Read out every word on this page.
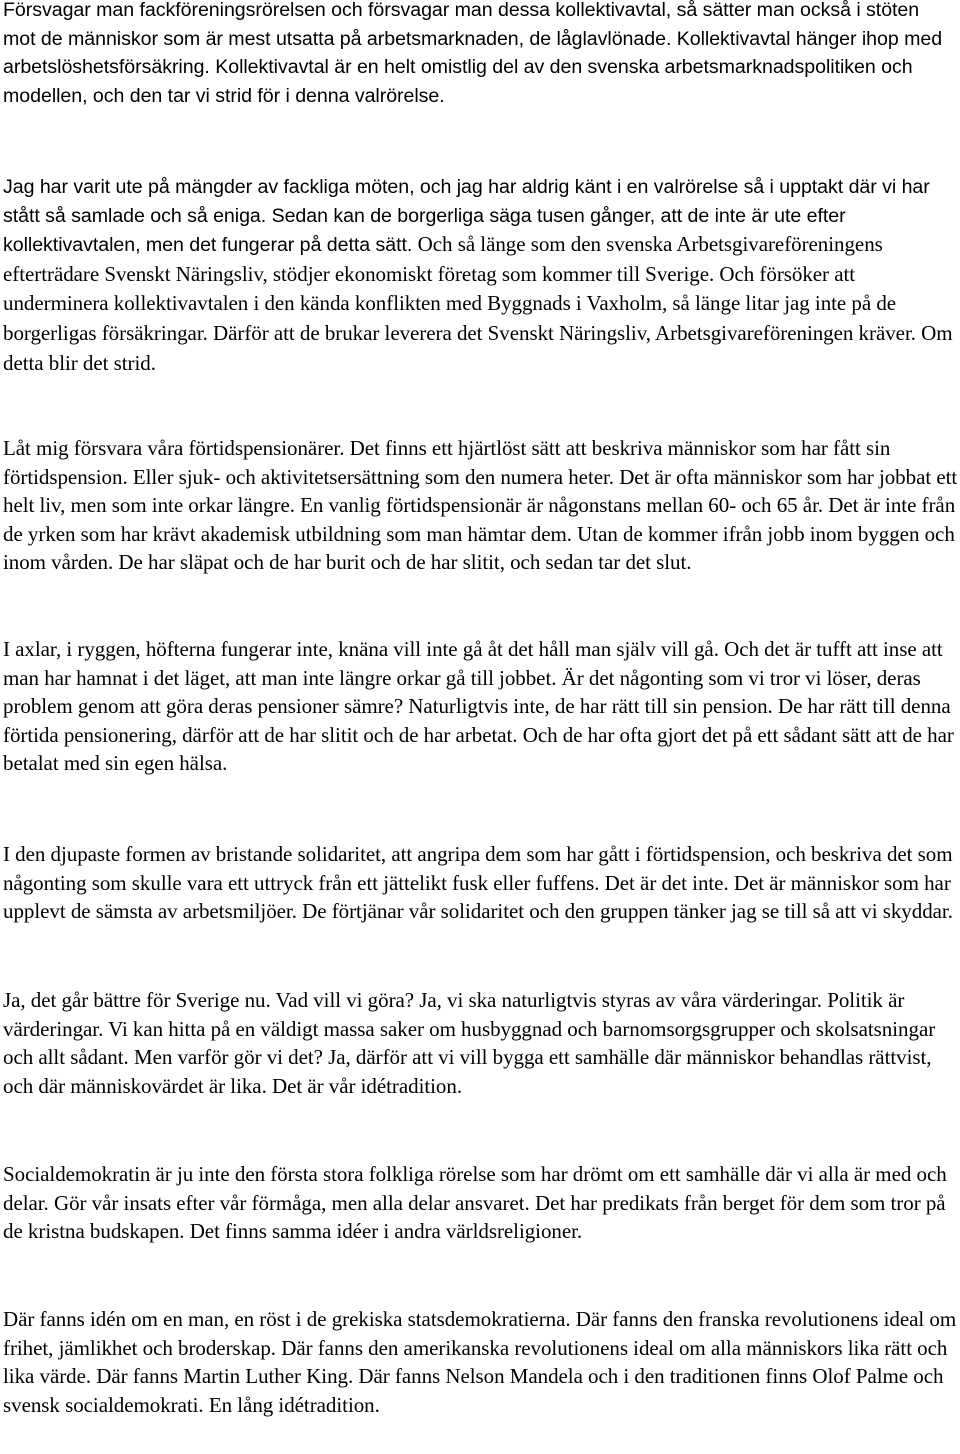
Försvagar man fackföreningsrörelsen och försvagar man dessa kollektivavtal, så sätter man också i stöten mot de människor som är mest utsatta på arbetsmarknaden, de låglavlönade. Kollektivavtal hänger ihop med arbetslöshetsförsäkring. Kollektivavtal är en helt omistlig del av den svenska arbetsmarknadspolitiken och modellen, och den tar vi strid för i denna valrörelse.

Jag har varit ute på mängder av fackliga möten, och jag har aldrig känt i en valrörelse så i upptakt där vi har stått så samlade och så eniga. Sedan kan de borgerliga säga tusen gånger, att de inte är ute efter kollektivavtalen, men det fungerar på detta sätt. Och så länge som den svenska Arbetsgivareföreningens efterträdare Svenskt Näringsliv, stödjer ekonomiskt företag som kommer till Sverige. Och försöker att underminera kollektivavtalen i den kända konflikten med Byggnads i Vaxholm, så länge litar jag inte på de borgerligas försäkringar. Därför att de brukar leverera det Svenskt Näringsliv, Arbetsgivareföreningen kräver. Om detta blir det strid.

Låt mig försvara våra förtidspensionärer. Det finns ett hjärtlöst sätt att beskriva människor som har fått sin förtidspension. Eller sjuk- och aktivitetsersättning som den numera heter. Det är ofta människor som har jobbat ett helt liv, men som inte orkar längre. En vanlig förtidspensionär är någonstans mellan 60- och 65 år. Det är inte från de yrken som har krävt akademisk utbildning som man hämtar dem. Utan de kommer ifrån jobb inom byggen och inom vården. De har släpat och de har burit och de har slitit, och sedan tar det slut.

I axlar, i ryggen, höfterna fungerar inte, knäna vill inte gå åt det håll man själv vill gå. Och det är tufft att inse att man har hamnat i det läget, att man inte längre orkar gå till jobbet. Är det någonting som vi tror vi löser, deras problem genom att göra deras pensioner sämre? Naturligtvis inte, de har rätt till sin pension. De har rätt till denna förtida pensionering, därför att de har slitit och de har arbetat. Och de har ofta gjort det på ett sådant sätt att de har betalat med sin egen hälsa.

I den djupaste formen av bristande solidaritet, att angripa dem som har gått i förtidspension, och beskriva det som någonting som skulle vara ett uttryck från ett jättelikt fusk eller fuffens. Det är det inte. Det är människor som har upplevt de sämsta av arbetsmiljöer. De förtjänar vår solidaritet och den gruppen tänker jag se till så att vi skyddar.

Ja, det går bättre för Sverige nu. Vad vill vi göra? Ja, vi ska naturligtvis styras av våra värderingar. Politik är värderingar. Vi kan hitta på en väldigt massa saker om husbyggnad och barnomsorgsgrupper och skolsatsningar och allt sådant. Men varför gör vi det? Ja, därför att vi vill bygga ett samhälle där människor behandlas rättvist, och där människovärdet är lika. Det är vår idétradition.

Socialdemokratin är ju inte den första stora folkliga rörelse som har drömt om ett samhälle där vi alla är med och delar. Gör vår insats efter vår förmåga, men alla delar ansvaret. Det har predikats från berget för dem som tror på de kristna budskapen. Det finns samma idéer i andra världsreligioner.

Där fanns idén om en man, en röst i de grekiska statsdemokratierna. Där fanns den franska revolutionens ideal om frihet, jämlikhet och broderskap. Där fanns den amerikanska revolutionens ideal om alla människors lika rätt och lika värde. Där fanns Martin Luther King. Där fanns Nelson Mandela och i den traditionen finns Olof Palme och svensk socialdemokrati. En lång idétradition.
